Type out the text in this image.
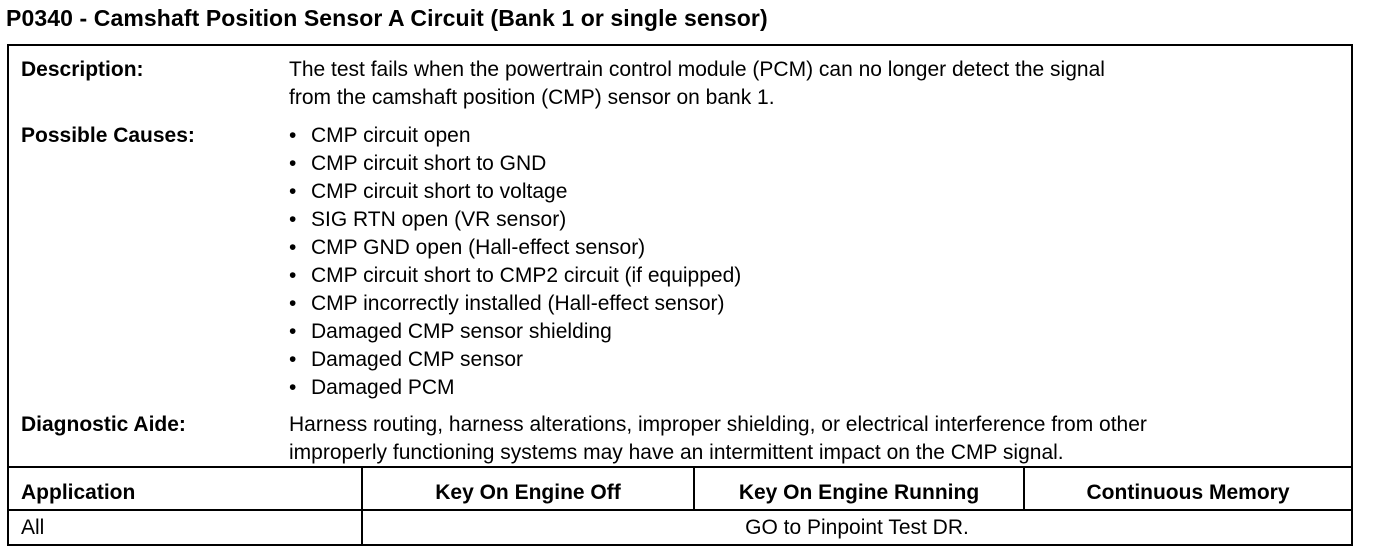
P0340 - Camshaft Position Sensor A Circuit (Bank 1 or single sensor)
Description:	The test fails when the powertrain control module (PCM) can no longer detect the signal
from the camshaft position (CMP) sensor on bank 1.
Possible Causes:
•	CMP circuit open
• CMP circuit short to GND
• CMP circuit short to voltage
• SIG RTN open (VR sensor)
• CMP GND open (Hall-effect sensor)
• CMP circuit short to CMP2 circuit (if equipped)
• CMP incorrectly installed (Hall-effect sensor)
• Damaged CMP sensor shielding
• Damaged CMP sensor
• Damaged PCM
Diagnostic Aide:	Harness routing, harness alterations, improper shielding, or electrical interference from other
improperly functioning systems may have an intermittent impact on the CMP signal.
Application	Key On Engine Off	Key On Engine Running	Continuous Memory
All	GO to Pinpoint Test DR.
